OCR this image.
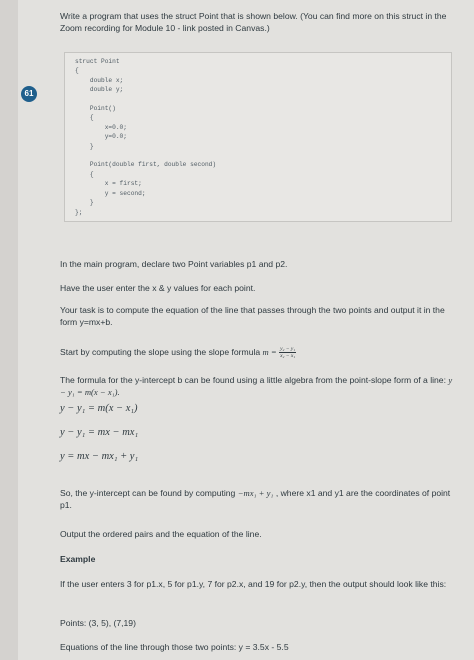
61
Write a program that uses the struct Point that is shown below. (You can find more on this struct in the Zoom recording for Module 10 - link posted in Canvas.)
struct Point
{
double x;
double y;

Point()
{
x=0.0;
y=0.0;
}

Point(double first, double second)
{
x = first;
y = second;
}
};
In the main program, declare two Point variables p1 and p2.
Have the user enter the x & y values for each point.
Your task is to compute the equation of the line that passes through the two points and output it in the form y=mx+b.
Start by computing the slope using the slope formula $m = \frac{\text{y₂ − y₁}}{\text{x₂ − x₁}}$
The formula for the y-intercept b can be found using a little algebra from the point-slope form of a line: y − y₁ = m(x − x₁).
y − y₁ = m(x − x₁)
y − y₁ = mx − mx₁
y = mx − mx₁ + y₁
So, the y-intercept can be found by computing −mx₁ + y₁ , where x1 and y1 are the coordinates of point p1.
Output the ordered pairs and the equation of the line.
Example
If the user enters 3 for p1.x, 5 for p1.y, 7 for p2.x, and 19 for p2.y, then the output should look like this:
Points: (3, 5), (7,19)
Equations of the line through those two points: y = 3.5x - 5.5
